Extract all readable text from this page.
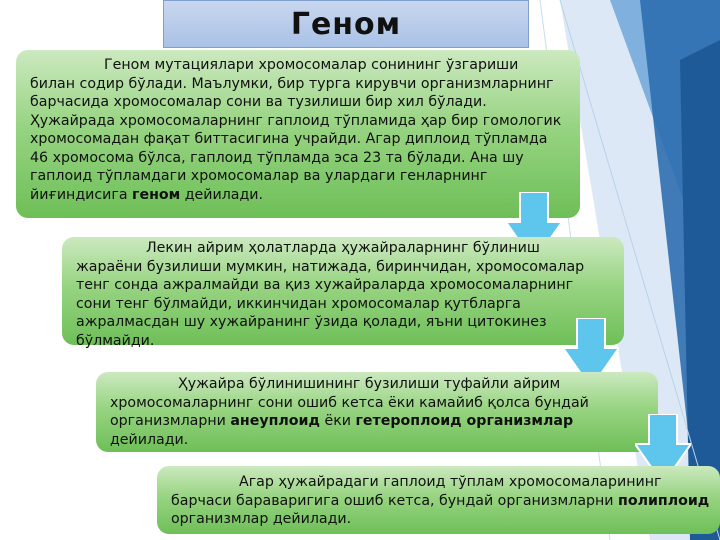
Геном

Геном мутациялари хромосомалар сонининг ўзгариши билан содир бўлади. Маълумки, бир турга кирувчи организмларнинг барчасида хромосомалар сони ва тузилиши бир хил бўлади. Ҳужайрада хромосомаларнинг гаплоид тўпламида ҳар бир гомологик хромосомадан фақат биттасигина учрайди. Агар диплоид тўпламда 46 хромосома бўлса, гаплоид тўпламда эса 23 та бўлади. Ана шу гаплоид тўпламдаги хромосомалар ва улардаги генларнинг йиғиндисига геном дейилади.

Лекин айрим ҳолатларда ҳужайраларнинг бўлиниш жараёни бузилиши мумкин, натижада, биринчидан, хромосомалар тенг сонда ажралмайди ва қиз хужайраларда хромосомаларнинг сони тенг бўлмайди, иккинчидан хромосомалар қутбларга ажралмасдан шу хужайранинг ўзида қолади, яъни цитокинез бўлмайди.

Ҳужайра бўлинишининг бузилиши туфайли айрим хромосомаларнинг сони ошиб кетса ёки камайиб қолса бундай организмларни анеуплоид ёки гетероплоид организмлар дейилади.

Агар ҳужайрадаги гаплоид тўплам хромосомаларининг барчаси бараваригига ошиб кетса, бундай организмларни полиплоид организмлар дейилади.
